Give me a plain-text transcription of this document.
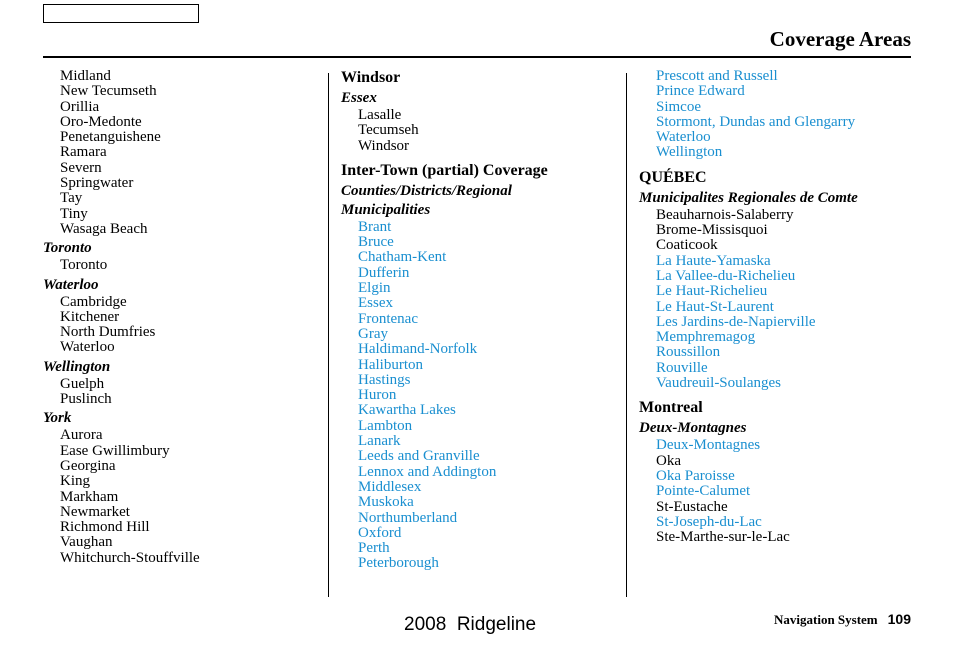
Coverage Areas
Midland
New Tecumseth
Orillia
Oro-Medonte
Penetanguishene
Ramara
Severn
Springwater
Tay
Tiny
Wasaga Beach
Toronto
Toronto
Waterloo
Cambridge
Kitchener
North Dumfries
Waterloo
Wellington
Guelph
Puslinch
York
Aurora
Ease Gwillimbury
Georgina
King
Markham
Newmarket
Richmond Hill
Vaughan
Whitchurch-Stouffville
Windsor
Essex
Lasalle
Tecumseh
Windsor
Inter-Town (partial) Coverage
Counties/Districts/Regional
Municipalities
Brant
Bruce
Chatham-Kent
Dufferin
Elgin
Essex
Frontenac
Gray
Haldimand-Norfolk
Haliburton
Hastings
Huron
Kawartha Lakes
Lambton
Lanark
Leeds and Granville
Lennox and Addington
Middlesex
Muskoka
Northumberland
Oxford
Perth
Peterborough
Prescott and Russell
Prince Edward
Simcoe
Stormont, Dundas and Glengarry
Waterloo
Wellington
QUÉBEC
Municipalites Regionales de Comte
Beauharnois-Salaberry
Brome-Missisquoi
Coaticook
La Haute-Yamaska
La Vallee-du-Richelieu
Le Haut-Richelieu
Le Haut-St-Laurent
Les Jardins-de-Napierville
Memphremagog
Roussillon
Rouville
Vaudreuil-Soulanges
Montreal
Deux-Montagnes
Deux-Montagnes
Oka
Oka Paroisse
Pointe-Calumet
St-Eustache
St-Joseph-du-Lac
Ste-Marthe-sur-le-Lac
2008  Ridgeline	Navigation System 109
